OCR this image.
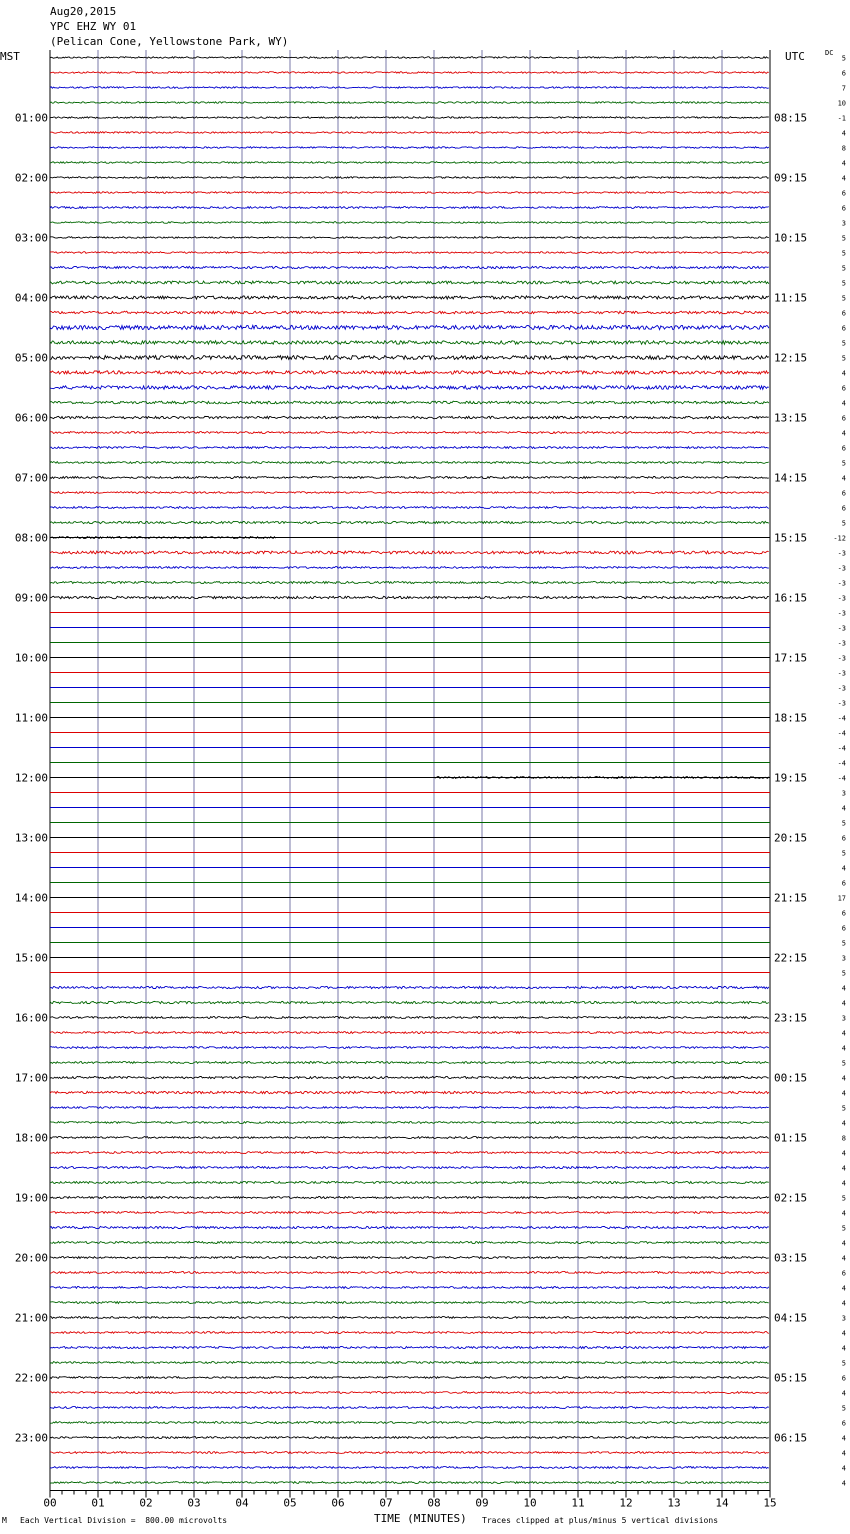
Aug20,2015
YPC EHZ WY 01
(Pelican Cone, Yellowstone Park, WY)
MST	UTC	DC
00	01	02	03	04	05	06	07	08	09	10	11	12	13	14	15
5
6
7
10
-1
4
8
4
4
6
6
3
5
5
5
5
5
6
6
5
5
4
6
4
6
4
6
5
4
6
6
5
-12
-3
-3
-3
-3
-3
-3
-3
-3
-3
-3
-3
-4
-4
-4
-4
-4
3
4
5
6
5
4
6
17
6
6
5
3
5
4
4
3
4
4
5
4
4
5
4
8
4
4
4
5
4
5
4
4
6
4
4
3
4
4
5
6
4
5
6
4
4
4
4
01:00
02:00
03:00
04:00
05:00
06:00
07:00
08:00
09:00
10:00
11:00
12:00
13:00
14:00
15:00
16:00
17:00
18:00
19:00
20:00
21:00
22:00
23:00
08:15
09:15
10:15
11:15
12:15
13:15
14:15
15:15
16:15
17:15
18:15
19:15
20:15
21:15
22:15
23:15
00:15
01:15
02:15
03:15
04:15
05:15
06:15
M Each Vertical Division =  800.00 microvolts	TIME (MINUTES) Traces clipped at plus/minus 5 vertical divisions
